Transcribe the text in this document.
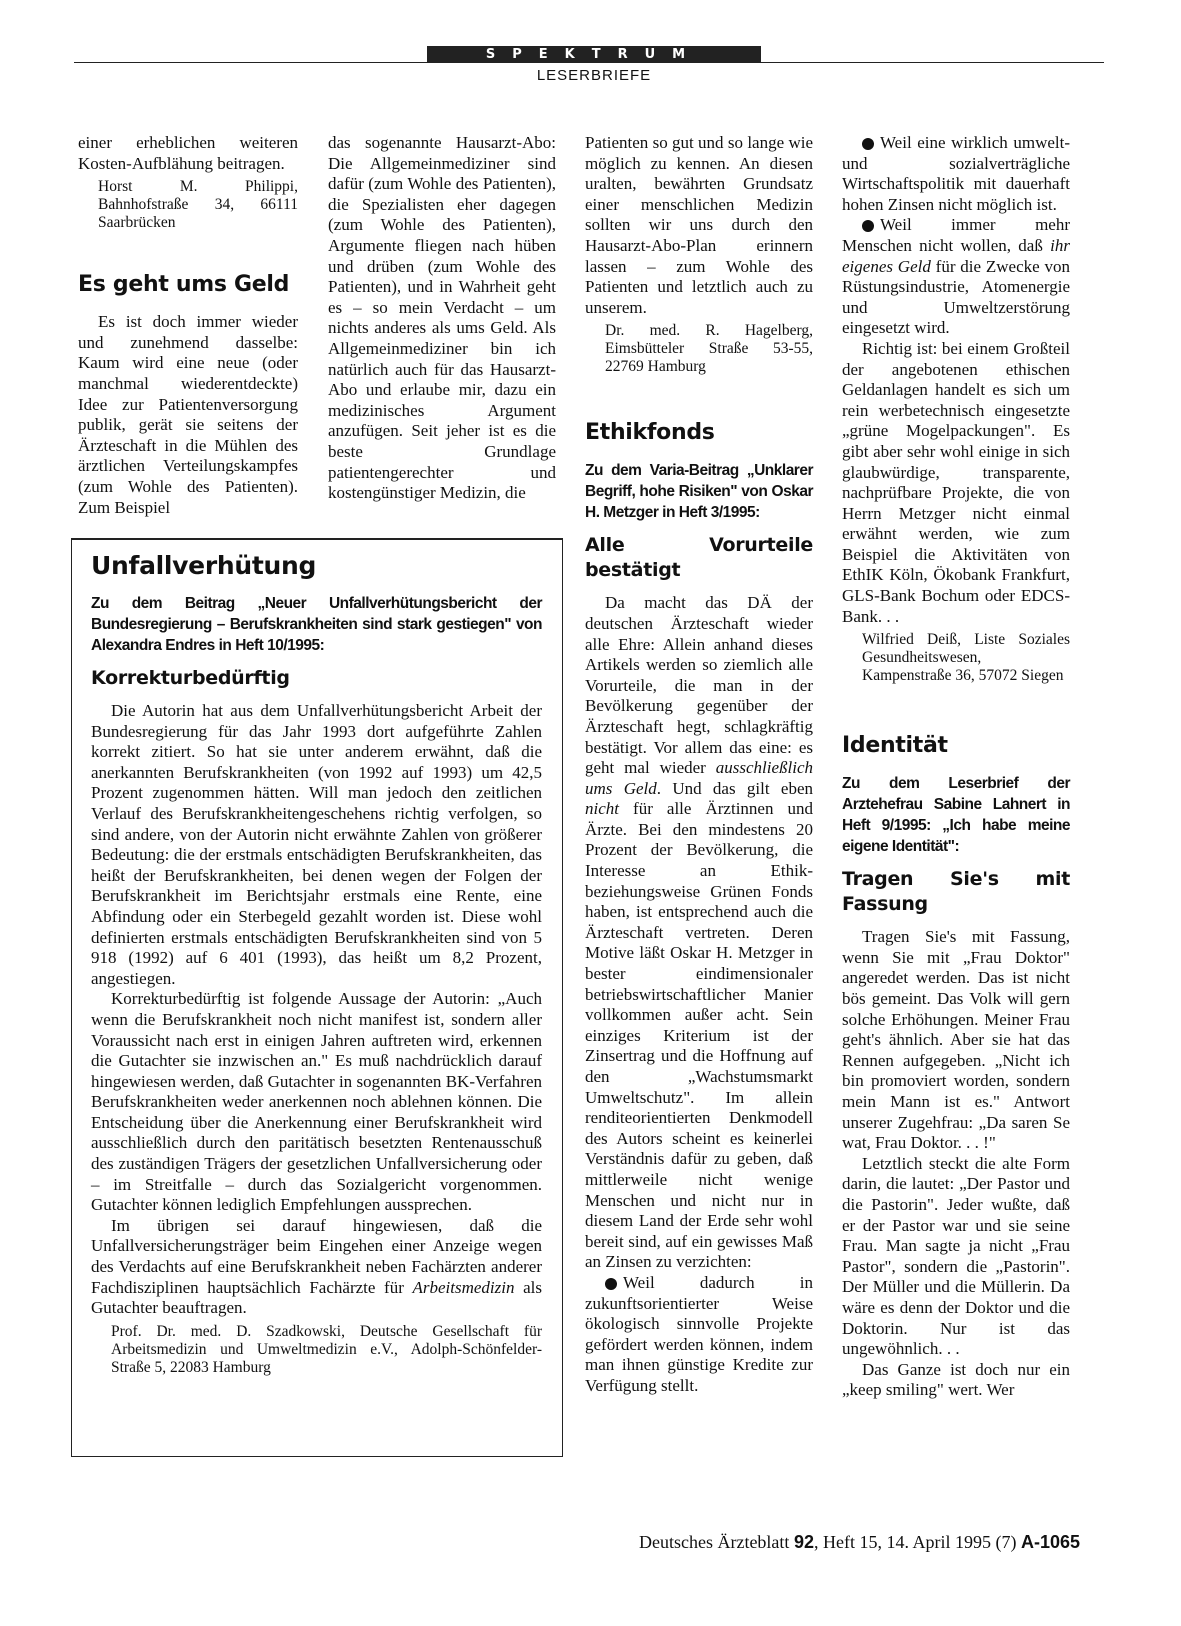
SPEKTRUM
LESERBRIEFE

einer erheblichen weiteren Kosten-Aufblähung beitragen.

Horst M. Philippi, Bahnhofstraße 34, 66111 Saarbrücken
Es geht ums Geld

Es ist doch immer wieder und zunehmend dasselbe: Kaum wird eine neue (oder manchmal wiederentdeckte) Idee zur Patientenversorgung publik, gerät sie seitens der Ärzteschaft in die Mühlen des ärztlichen Verteilungskampfes (zum Wohle des Patienten). Zum Beispiel

das sogenannte Hausarzt-Abo: Die Allgemeinmediziner sind dafür (zum Wohle des Patienten), die Spezialisten eher dagegen (zum Wohle des Patienten), Argumente fliegen nach hüben und drüben (zum Wohle des Patienten), und in Wahrheit geht es – so mein Verdacht – um nichts anderes als ums Geld. Als Allgemeinmediziner bin ich natürlich auch für das Hausarzt-Abo und erlaube mir, dazu ein medizinisches Argument anzufügen. Seit jeher ist es die beste Grundlage patientengerechter und kostengünstiger Medizin, die

Unfallverhütung
Zu dem Beitrag „Neuer Unfallverhütungsbericht der Bundesregierung – Berufskrankheiten sind stark gestiegen" von Alexandra Endres in Heft 10/1995:
Korrekturbedürftig

Die Autorin hat aus dem Unfallverhütungsbericht Arbeit der Bundesregierung für das Jahr 1993 dort aufgeführte Zahlen korrekt zitiert. So hat sie unter anderem erwähnt, daß die anerkannten Berufskrankheiten (von 1992 auf 1993) um 42,5 Prozent zugenommen hätten. Will man jedoch den zeitlichen Verlauf des Berufskrankheitengeschehens richtig verfolgen, so sind andere, von der Autorin nicht erwähnte Zahlen von größerer Bedeutung: die der erstmals entschädigten Berufskrankheiten, das heißt der Berufskrankheiten, bei denen wegen der Folgen der Berufskrankheit im Berichtsjahr erstmals eine Rente, eine Abfindung oder ein Sterbegeld gezahlt worden ist. Diese wohl definierten erstmals entschädigten Berufskrankheiten sind von 5 918 (1992) auf 6 401 (1993), das heißt um 8,2 Prozent, angestiegen.

Korrekturbedürftig ist folgende Aussage der Autorin: „Auch wenn die Berufskrankheit noch nicht manifest ist, sondern aller Voraussicht nach erst in einigen Jahren auftreten wird, erkennen die Gutachter sie inzwischen an." Es muß nachdrücklich darauf hingewiesen werden, daß Gutachter in sogenannten BK-Verfahren Berufskrankheiten weder anerkennen noch ablehnen können. Die Entscheidung über die Anerkennung einer Berufskrankheit wird ausschließlich durch den paritätisch besetzten Rentenausschuß des zuständigen Trägers der gesetzlichen Unfallversicherung oder – im Streitfalle – durch das Sozialgericht vorgenommen. Gutachter können lediglich Empfehlungen aussprechen.

Im übrigen sei darauf hingewiesen, daß die Unfallversicherungsträger beim Eingehen einer Anzeige wegen des Verdachts auf eine Berufskrankheit neben Fachärzten anderer Fachdisziplinen hauptsächlich Fachärzte für Arbeitsmedizin als Gutachter beauftragen.

Prof. Dr. med. D. Szadkowski, Deutsche Gesellschaft für Arbeitsmedizin und Umweltmedizin e.V., Adolph-Schönfelder-Straße 5, 22083 Hamburg

Patienten so gut und so lange wie möglich zu kennen. An diesen uralten, bewährten Grundsatz einer menschlichen Medizin sollten wir uns durch den Hausarzt-Abo-Plan erinnern lassen – zum Wohle des Patienten und letztlich auch zu unserem.

Dr. med. R. Hagelberg, Eimsbütteler Straße 53-55, 22769 Hamburg
Ethikfonds
Zu dem Varia-Beitrag „Unklarer Begriff, hohe Risiken" von Oskar H. Metzger in Heft 3/1995:
Alle Vorurteile bestätigt

Da macht das DÄ der deutschen Ärzteschaft wieder alle Ehre: Allein anhand dieses Artikels werden so ziemlich alle Vorurteile, die man in der Bevölkerung gegenüber der Ärzteschaft hegt, schlagkräftig bestätigt. Vor allem das eine: es geht mal wieder ausschließlich ums Geld. Und das gilt eben nicht für alle Ärztinnen und Ärzte. Bei den mindestens 20 Prozent der Bevölkerung, die Interesse an Ethik- beziehungsweise Grünen Fonds haben, ist entsprechend auch die Ärzteschaft vertreten. Deren Motive läßt Oskar H. Metzger in bester eindimensionaler betriebswirtschaftlicher Manier vollkommen außer acht. Sein einziges Kriterium ist der Zinsertrag und die Hoffnung auf den „Wachstumsmarkt Umweltschutz". Im allein renditeorientierten Denkmodell des Autors scheint es keinerlei Verständnis dafür zu geben, daß mittlerweile nicht wenige Menschen und nicht nur in diesem Land der Erde sehr wohl bereit sind, auf ein gewisses Maß an Zinsen zu verzichten:

Weil dadurch in zukunftsorientierter Weise ökologisch sinnvolle Projekte gefördert werden können, indem man ihnen günstige Kredite zur Verfügung stellt.

Weil eine wirklich umwelt- und sozialverträgliche Wirtschaftspolitik mit dauerhaft hohen Zinsen nicht möglich ist.

Weil immer mehr Menschen nicht wollen, daß ihr eigenes Geld für die Zwecke von Rüstungsindustrie, Atomenergie und Umweltzerstörung eingesetzt wird.

Richtig ist: bei einem Großteil der angebotenen ethischen Geldanlagen handelt es sich um rein werbetechnisch eingesetzte „grüne Mogelpackungen". Es gibt aber sehr wohl einige in sich glaubwürdige, transparente, nachprüfbare Projekte, die von Herrn Metzger nicht einmal erwähnt werden, wie zum Beispiel die Aktivitäten von EthIK Köln, Ökobank Frankfurt, GLS-Bank Bochum oder EDCS-Bank. . .

Wilfried Deiß, Liste Soziales Gesundheitswesen, Kampenstraße 36, 57072 Siegen
Identität
Zu dem Leserbrief der Arztehefrau Sabine Lahnert in Heft 9/1995: „Ich habe meine eigene Identität":
Tragen Sie's mit Fassung

Tragen Sie's mit Fassung, wenn Sie mit „Frau Doktor" angeredet werden. Das ist nicht bös gemeint. Das Volk will gern solche Erhöhungen. Meiner Frau geht's ähnlich. Aber sie hat das Rennen aufgegeben. „Nicht ich bin promoviert worden, sondern mein Mann ist es." Antwort unserer Zugehfrau: „Da saren Se wat, Frau Doktor. . . !"

Letztlich steckt die alte Form darin, die lautet: „Der Pastor und die Pastorin". Jeder wußte, daß er der Pastor war und sie seine Frau. Man sagte ja nicht „Frau Pastor", sondern die „Pastorin". Der Müller und die Müllerin. Da wäre es denn der Doktor und die Doktorin. Nur ist das ungewöhnlich. . .

Das Ganze ist doch nur ein „keep smiling" wert. Wer

Deutsches Ärzteblatt 92, Heft 15, 14. April 1995 (7) A-1065
